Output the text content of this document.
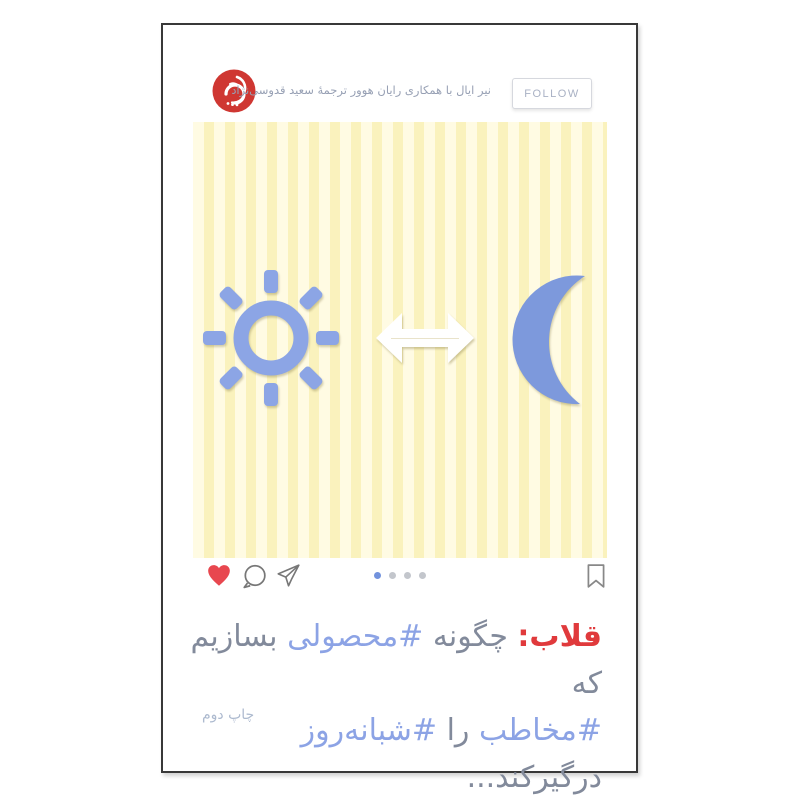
نیر ایال با همکاری رایان هوور ترجمهٔ سعید قدوسی‌نژاد	FOLLOW
قلاب: چگونه #محصولی بسازیم که
#مخاطب را #شبانه‌روز درگیرکند...
چاپ دوم
